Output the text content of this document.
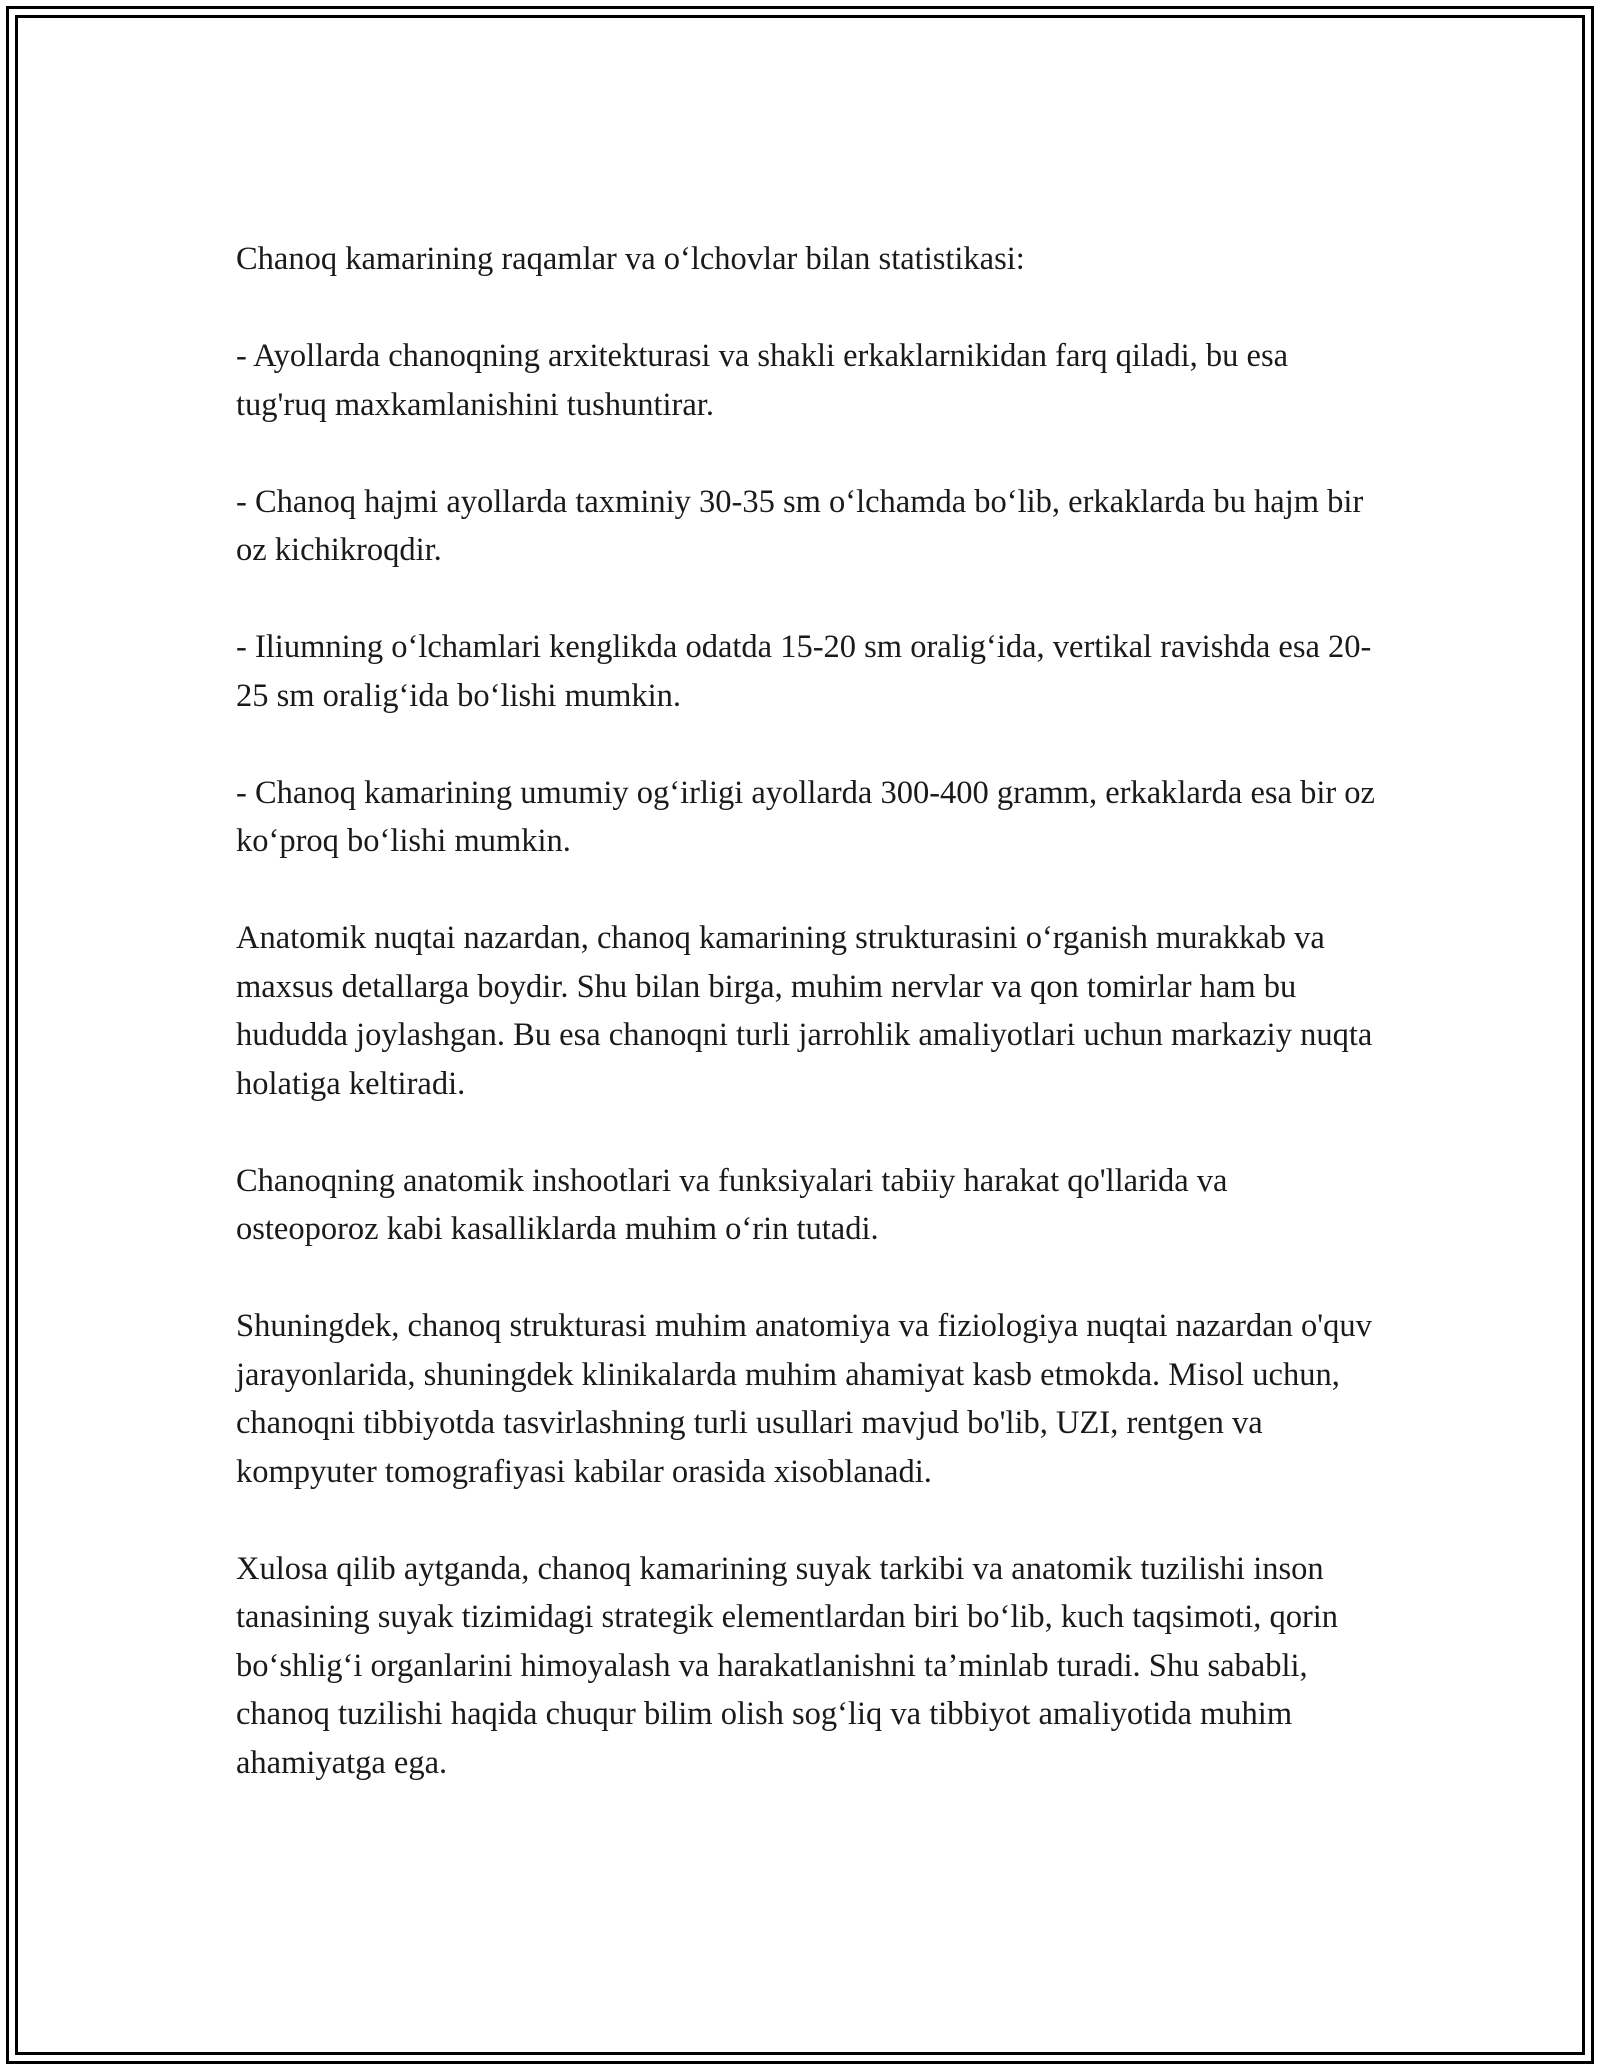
Chanoq kamarining raqamlar va o‘lchovlar bilan statistikasi:

- Ayollarda chanoqning arxitekturasi va shakli erkaklarnikidan farq qiladi, bu esa tug'ruq maxkamlanishini tushuntirar.

- Chanoq hajmi ayollarda taxminiy 30-35 sm o‘lchamda bo‘lib, erkaklarda bu hajm bir oz kichikroqdir.

- Iliumning o‘lchamlari kenglikda odatda 15-20 sm oralig‘ida, vertikal ravishda esa 20-25 sm oralig‘ida bo‘lishi mumkin.

- Chanoq kamarining umumiy og‘irligi ayollarda 300-400 gramm, erkaklarda esa bir oz ko‘proq bo‘lishi mumkin.

Anatomik nuqtai nazardan, chanoq kamarining strukturasini o‘rganish murakkab va maxsus detallarga boydir. Shu bilan birga, muhim nervlar va qon tomirlar ham bu hududda joylashgan. Bu esa chanoqni turli jarrohlik amaliyotlari uchun markaziy nuqta holatiga keltiradi.

Chanoqning anatomik inshootlari va funksiyalari tabiiy harakat qo'llarida va osteoporoz kabi kasalliklarda muhim o‘rin tutadi.

Shuningdek, chanoq strukturasi muhim anatomiya va fiziologiya nuqtai nazardan o'quv jarayonlarida, shuningdek klinikalarda muhim ahamiyat kasb etmokda. Misol uchun, chanoqni tibbiyotda tasvirlashning turli usullari mavjud bo'lib, UZI, rentgen va kompyuter tomografiyasi kabilar orasida xisoblanadi.

Xulosa qilib aytganda, chanoq kamarining suyak tarkibi va anatomik tuzilishi inson tanasining suyak tizimidagi strategik elementlardan biri bo‘lib, kuch taqsimoti, qorin bo‘shlig‘i organlarini himoyalash va harakatlanishni ta’minlab turadi. Shu sababli, chanoq tuzilishi haqida chuqur bilim olish sog‘liq va tibbiyot amaliyotida muhim ahamiyatga ega.
